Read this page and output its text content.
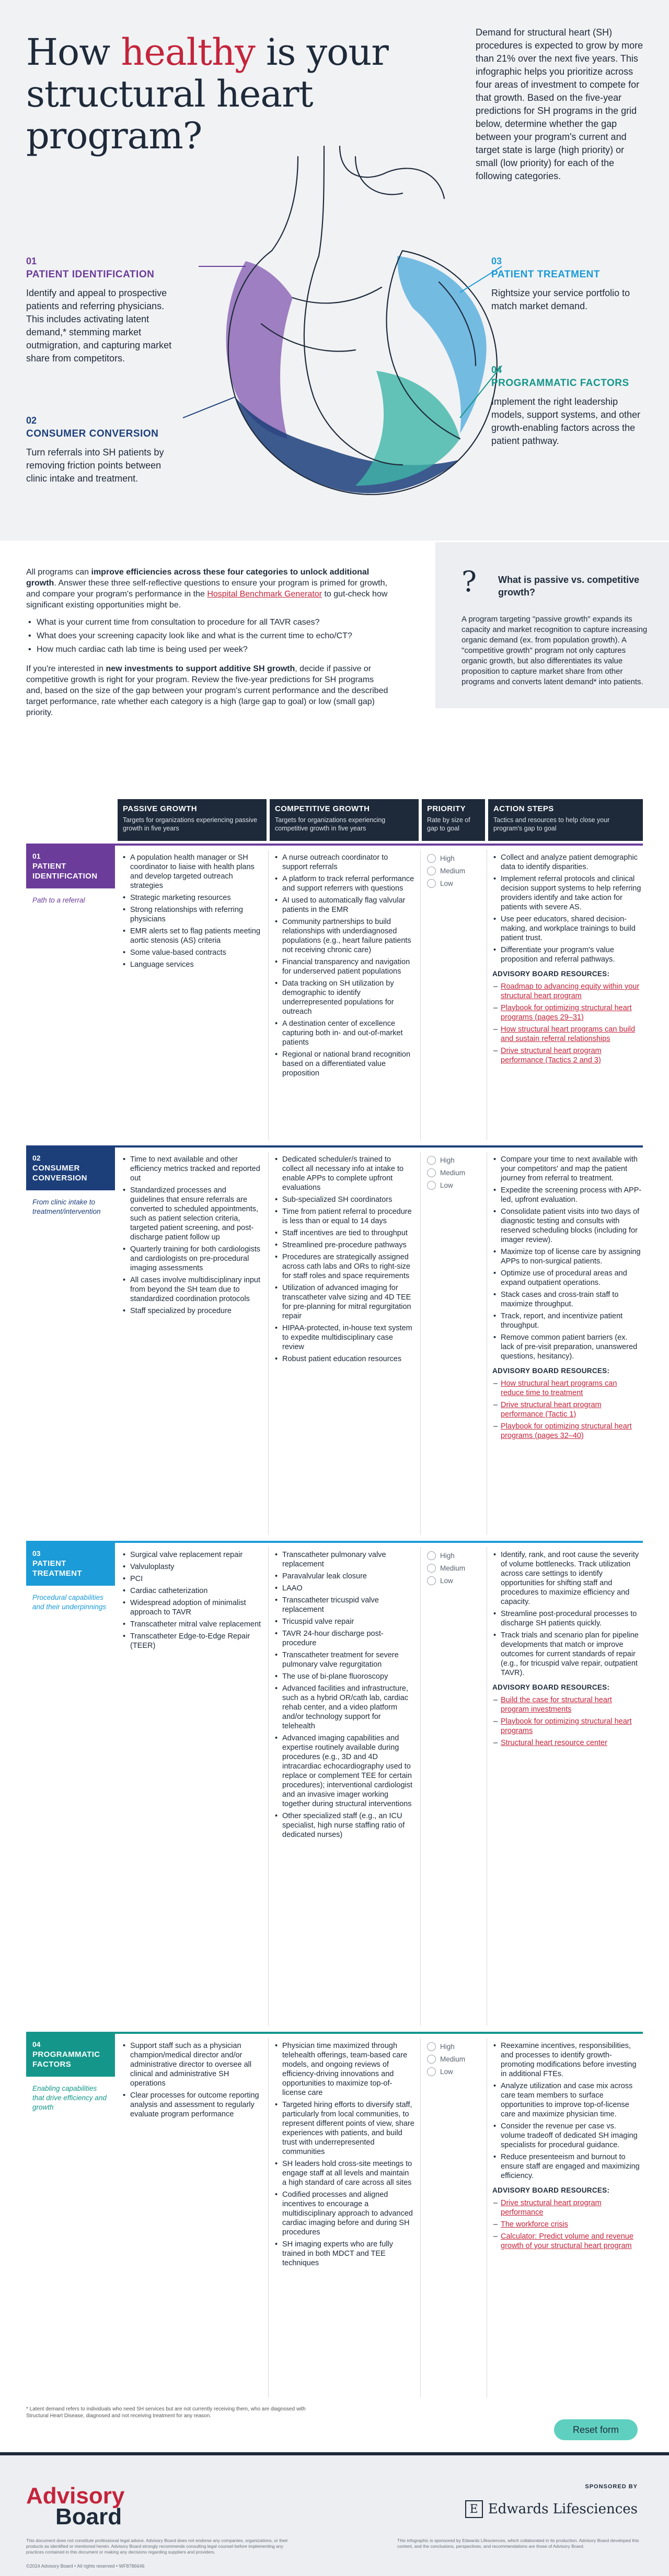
How healthy is your structural heart program?

Demand for structural heart (SH) procedures is expected to grow by more than 21% over the next five years. This infographic helps you prioritize across four areas of investment to compete for that growth. Based on the five-year predictions for SH programs in the grid below, determine whether the gap between your program's current and target state is large (high priority) or small (low priority) for each of the following categories.

01
PATIENT IDENTIFICATION
Identify and appeal to prospective patients and referring physicians. This includes activating latent demand,* stemming market outmigration, and capturing market share from competitors.
02
CONSUMER CONVERSION
Turn referrals into SH patients by removing friction points between clinic intake and treatment.
03
PATIENT TREATMENT
Rightsize your service portfolio to match market demand.
04
PROGRAMMATIC FACTORS
Implement the right leadership models, support systems, and other growth-enabling factors across the patient pathway.

All programs can improve efficiencies across these four categories to unlock additional growth. Answer these three self-reflective questions to ensure your program is primed for growth, and compare your program's performance in the Hospital Benchmark Generator to gut-check how significant existing opportunities might be.

• What is your current time from consultation to procedure for all TAVR cases?
• What does your screening capacity look like and what is the current time to echo/CT?
• How much cardiac cath lab time is being used per week?

If you're interested in new investments to support additive SH growth, decide if passive or competitive growth is right for your program. Review the five-year predictions for SH programs and, based on the size of the gap between your program's current performance and the described target performance, rate whether each category is a high (large gap to goal) or low (small gap) priority.

? What is passive vs. competitive growth?
A program targeting "passive growth" expands its capacity and market recognition to capture increasing organic demand (ex. from population growth). A "competitive growth" program not only captures organic growth, but also differentiates its value proposition to capture market share from other programs and converts latent demand* into patients.
PASSIVE GROWTH
Targets for organizations experiencing passive growth in five years
COMPETITIVE GROWTH
Targets for organizations experiencing competitive growth in five years
PRIORITY
Rate by size of gap to goal
ACTION STEPS
Tactics and resources to help close your program's gap to goal
01
PATIENT IDENTIFICATION
Path to a referral
• A population health manager or SH coordinator to liaise with health plans and develop targeted outreach strategies
• Strategic marketing resources
• Strong relationships with referring physicians
• EMR alerts set to flag patients meeting aortic stenosis (AS) criteria
• Some value-based contracts
• Language services
• A nurse outreach coordinator to support referrals
• A platform to track referral performance and support referrers with questions
• AI used to automatically flag valvular patients in the EMR
• Community partnerships to build relationships with underdiagnosed populations (e.g., heart failure patients not receiving chronic care)
• Financial transparency and navigation for underserved patient populations
• Data tracking on SH utilization by demographic to identify underrepresented populations for outreach
• A destination center of excellence capturing both in- and out-of-market patients
• Regional or national brand recognition based on a differentiated value proposition
High
Medium
Low
• Collect and analyze patient demographic data to identify disparities.
• Implement referral protocols and clinical decision support systems to help referring providers identify and take action for patients with severe AS.
• Use peer educators, shared decision-making, and workplace trainings to build patient trust.
• Differentiate your program's value proposition and referral pathways.
ADVISORY BOARD RESOURCES:
– Roadmap to advancing equity within your structural heart program
– Playbook for optimizing structural heart programs (pages 29–31)
– How structural heart programs can build and sustain referral relationships
– Drive structural heart program performance (Tactics 2 and 3)
02
CONSUMER CONVERSION
From clinic intake to treatment/intervention
• Time to next available and other efficiency metrics tracked and reported out
• Standardized processes and guidelines that ensure referrals are converted to scheduled appointments, such as patient selection criteria, targeted patient screening, and post-discharge patient follow up
• Quarterly training for both cardiologists and cardiologists on pre-procedural imaging assessments
• All cases involve multidisciplinary input from beyond the SH team due to standardized coordination protocols
• Staff specialized by procedure
• Dedicated scheduler/s trained to collect all necessary info at intake to enable APPs to complete upfront evaluations
• Sub-specialized SH coordinators
• Time from patient referral to procedure is less than or equal to 14 days
• Staff incentives are tied to throughput
• Streamlined pre-procedure pathways
• Procedures are strategically assigned across cath labs and ORs to right-size for staff roles and space requirements
• Utilization of advanced imaging for transcatheter valve sizing and 4D TEE for pre-planning for mitral regurgitation repair
• HIPAA-protected, in-house text system to expedite multidisciplinary case review
• Robust patient education resources
High
Medium
Low
• Compare your time to next available with your competitors' and map the patient journey from referral to treatment.
• Expedite the screening process with APP-led, upfront evaluation.
• Consolidate patient visits into two days of diagnostic testing and consults with reserved scheduling blocks (including for imager review).
• Maximize top of license care by assigning APPs to non-surgical patients.
• Optimize use of procedural areas and expand outpatient operations.
• Stack cases and cross-train staff to maximize throughput.
• Track, report, and incentivize patient throughput.
• Remove common patient barriers (ex. lack of pre-visit preparation, unanswered questions, hesitancy).
ADVISORY BOARD RESOURCES:
– How structural heart programs can reduce time to treatment
– Drive structural heart program performance (Tactic 1)
– Playbook for optimizing structural heart programs (pages 32–40)
03
PATIENT TREATMENT
Procedural capabilities and their underpinnings
• Surgical valve replacement repair
• Valvuloplasty
• PCI
• Cardiac catheterization
• Widespread adoption of minimalist approach to TAVR
• Transcatheter mitral valve replacement
• Transcatheter Edge-to-Edge Repair (TEER)
• Transcatheter pulmonary valve replacement
• Paravalvular leak closure
• LAAO
• Transcatheter tricuspid valve replacement
• Tricuspid valve repair
• TAVR 24-hour discharge post-procedure
• Transcatheter treatment for severe pulmonary valve regurgitation
• The use of bi-plane fluoroscopy
• Advanced facilities and infrastructure, such as a hybrid OR/cath lab, cardiac rehab center, and a video platform and/or technology support for telehealth
• Advanced imaging capabilities and expertise routinely available during procedures (e.g., 3D and 4D intracardiac echocardiography used to replace or complement TEE for certain procedures); interventional cardiologist and an invasive imager working together during structural interventions
• Other specialized staff (e.g., an ICU specialist, high nurse staffing ratio of dedicated nurses)
High
Medium
Low
• Identify, rank, and root cause the severity of volume bottlenecks. Track utilization across care settings to identify opportunities for shifting staff and procedures to maximize efficiency and capacity.
• Streamline post-procedural processes to discharge SH patients quickly.
• Track trials and scenario plan for pipeline developments that match or improve outcomes for current standards of repair (e.g., for tricuspid valve repair, outpatient TAVR).
ADVISORY BOARD RESOURCES:
– Build the case for structural heart program investments
– Playbook for optimizing structural heart programs
– Structural heart resource center
04
PROGRAMMATIC FACTORS
Enabling capabilities that drive efficiency and growth
• Support staff such as a physician champion/medical director and/or administrative director to oversee all clinical and administrative SH operations
• Clear processes for outcome reporting analysis and assessment to regularly evaluate program performance
• Physician time maximized through telehealth offerings, team-based care models, and ongoing reviews of efficiency-driving innovations and opportunities to maximize top-of-license care
• Targeted hiring efforts to diversify staff, particularly from local communities, to represent different points of view, share experiences with patients, and build trust with underrepresented communities
• SH leaders hold cross-site meetings to engage staff at all levels and maintain a high standard of care across all sites
• Codified processes and aligned incentives to encourage a multidisciplinary approach to advanced cardiac imaging before and during SH procedures
• SH imaging experts who are fully trained in both MDCT and TEE techniques
High
Medium
Low
• Reexamine incentives, responsibilities, and processes to identify growth-promoting modifications before investing in additional FTEs.
• Analyze utilization and case mix across care team members to surface opportunities to improve top-of-license care and maximize physician time.
• Consider the revenue per case vs. volume tradeoff of dedicated SH imaging specialists for procedural guidance.
• Reduce presenteeism and burnout to ensure staff are engaged and maximizing efficiency.
ADVISORY BOARD RESOURCES:
– Drive structural heart program performance
– The workforce crisis
– Calculator: Predict volume and revenue growth of your structural heart program
* Latent demand refers to individuals who need SH services but are not currently receiving them, who are diagnosed with Structural Heart Disease, diagnosed and not receiving treatment for any reason.
Reset form
Advisory
Board
SPONSORED BY
E Edwards Lifesciences
This document does not constitute professional legal advice. Advisory Board does not endorse any companies, organizations, or their products as identified or mentioned herein. Advisory Board strongly recommends consulting legal counsel before implementing any practices contained in this document or making any decisions regarding suppliers and providers.
This infographic is sponsored by Edwards Lifesciences, which collaborated in its production. Advisory Board developed this content, and the conclusions, perspectives, and recommendations are those of Advisory Board.
©2024 Advisory Board • All rights reserved • WF8786646
